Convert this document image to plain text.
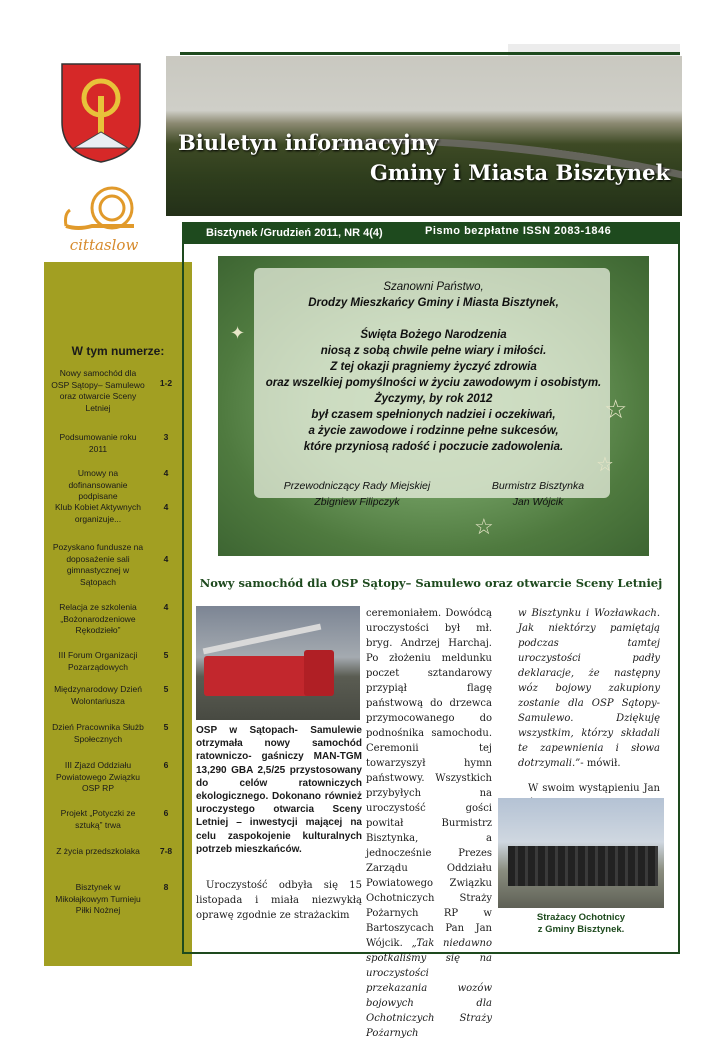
cittaslow
Biuletyn informacyjny
Gminy i Miasta Bisztynek
W tym numerze:
Nowy samochód dla OSP Sątopy– Samulewo oraz otwarcie Sceny Letniej
1-2
Podsumowanie roku 2011
3
Umowy na dofinansowanie podpisane
4
Klub Kobiet Aktywnych organizuje...
4
Pozyskano fundusze na doposażenie sali gimnastycznej w Sątopach
4
Relacja ze szkolenia „Bożonarodzeniowe Rękodzieło”
4
III Forum Organizacji Pozarządowych
5
Międzynarodowy Dzień Wolontariusza
5
Dzień Pracownika Służb Społecznych
5
III Zjazd Oddziału Powiatowego Związku OSP RP
6
Projekt „Potyczki ze sztuką” trwa
6
Z życia przedszkolaka	7-8
Bisztynek w Mikołajkowym Turnieju Piłki Nożnej
8
Bisztynek /Grudzień 2011, NR 4(4)	Pismo bezpłatne ISSN 2083-1846
☆
✦
☆
☆
Szanowni Państwo,
Drodzy Mieszkańcy Gminy i Miasta Bisztynek,
Święta Bożego Narodzenia
niosą z sobą chwile pełne wiary i miłości.
Z tej okazji pragniemy życzyć zdrowia
oraz wszelkiej pomyślności w życiu zawodowym i osobistym.
Życzymy, by rok 2012
był czasem spełnionych nadziei i oczekiwań,
a życie zawodowe i rodzinne pełne sukcesów,
które przyniosą radość i poczucie zadowolenia.
Przewodniczący Rady Miejskiej
Zbigniew Filipczyk
Burmistrz Bisztynka
Jan Wójcik
Nowy samochód dla OSP Sątopy– Samulewo oraz otwarcie Sceny Letniej
OSP w Sątopach- Samulewie otrzymała nowy samochód ratowniczo- gaśniczy MAN-TGM 13,290 GBA 2,5/25 przystosowany do celów ratowniczych ekologicznego. Dokonano również uroczystego otwarcia Sceny Letniej – inwestycji mającej na celu zaspokojenie kulturalnych potrzeb mieszkańców.
Uroczystość odbyła się 15 listopada i miała niezwykłą oprawę zgodnie ze strażackim
ceremoniałem. Dowódcą uroczystości był mł. bryg. Andrzej Harchaj. Po złożeniu meldunku poczet sztandarowy przypiął flagę państwową do drzewca przymocowanego do podnośnika samochodu. Ceremonii tej towarzyszył hymn państwowy. Wszystkich przybyłych na uroczystość gości powitał Burmistrz Bisztynka, a jednocześnie Prezes Zarządu Oddziału Powiatowego Związku Ochotniczych Straży Pożarnych RP w Bartoszycach Pan Jan Wójcik. „Tak niedawno spotkaliśmy się na uroczystości przekazania wozów bojowych dla Ochotniczych Straży Pożarnych
w Bisztynku i Wozławkach. Jak niektórzy pamiętają podczas tamtej uroczystości padły deklaracje, że następny wóz bojowy zakupiony zostanie dla OSP Sątopy- Samulewo. Dziękuję wszystkim, którzy składali te zapewnienia i słowa dotrzymali.”- mówił.
W swoim wystąpieniu Jan
Strażacy Ochotnicy
z Gminy Bisztynek.
